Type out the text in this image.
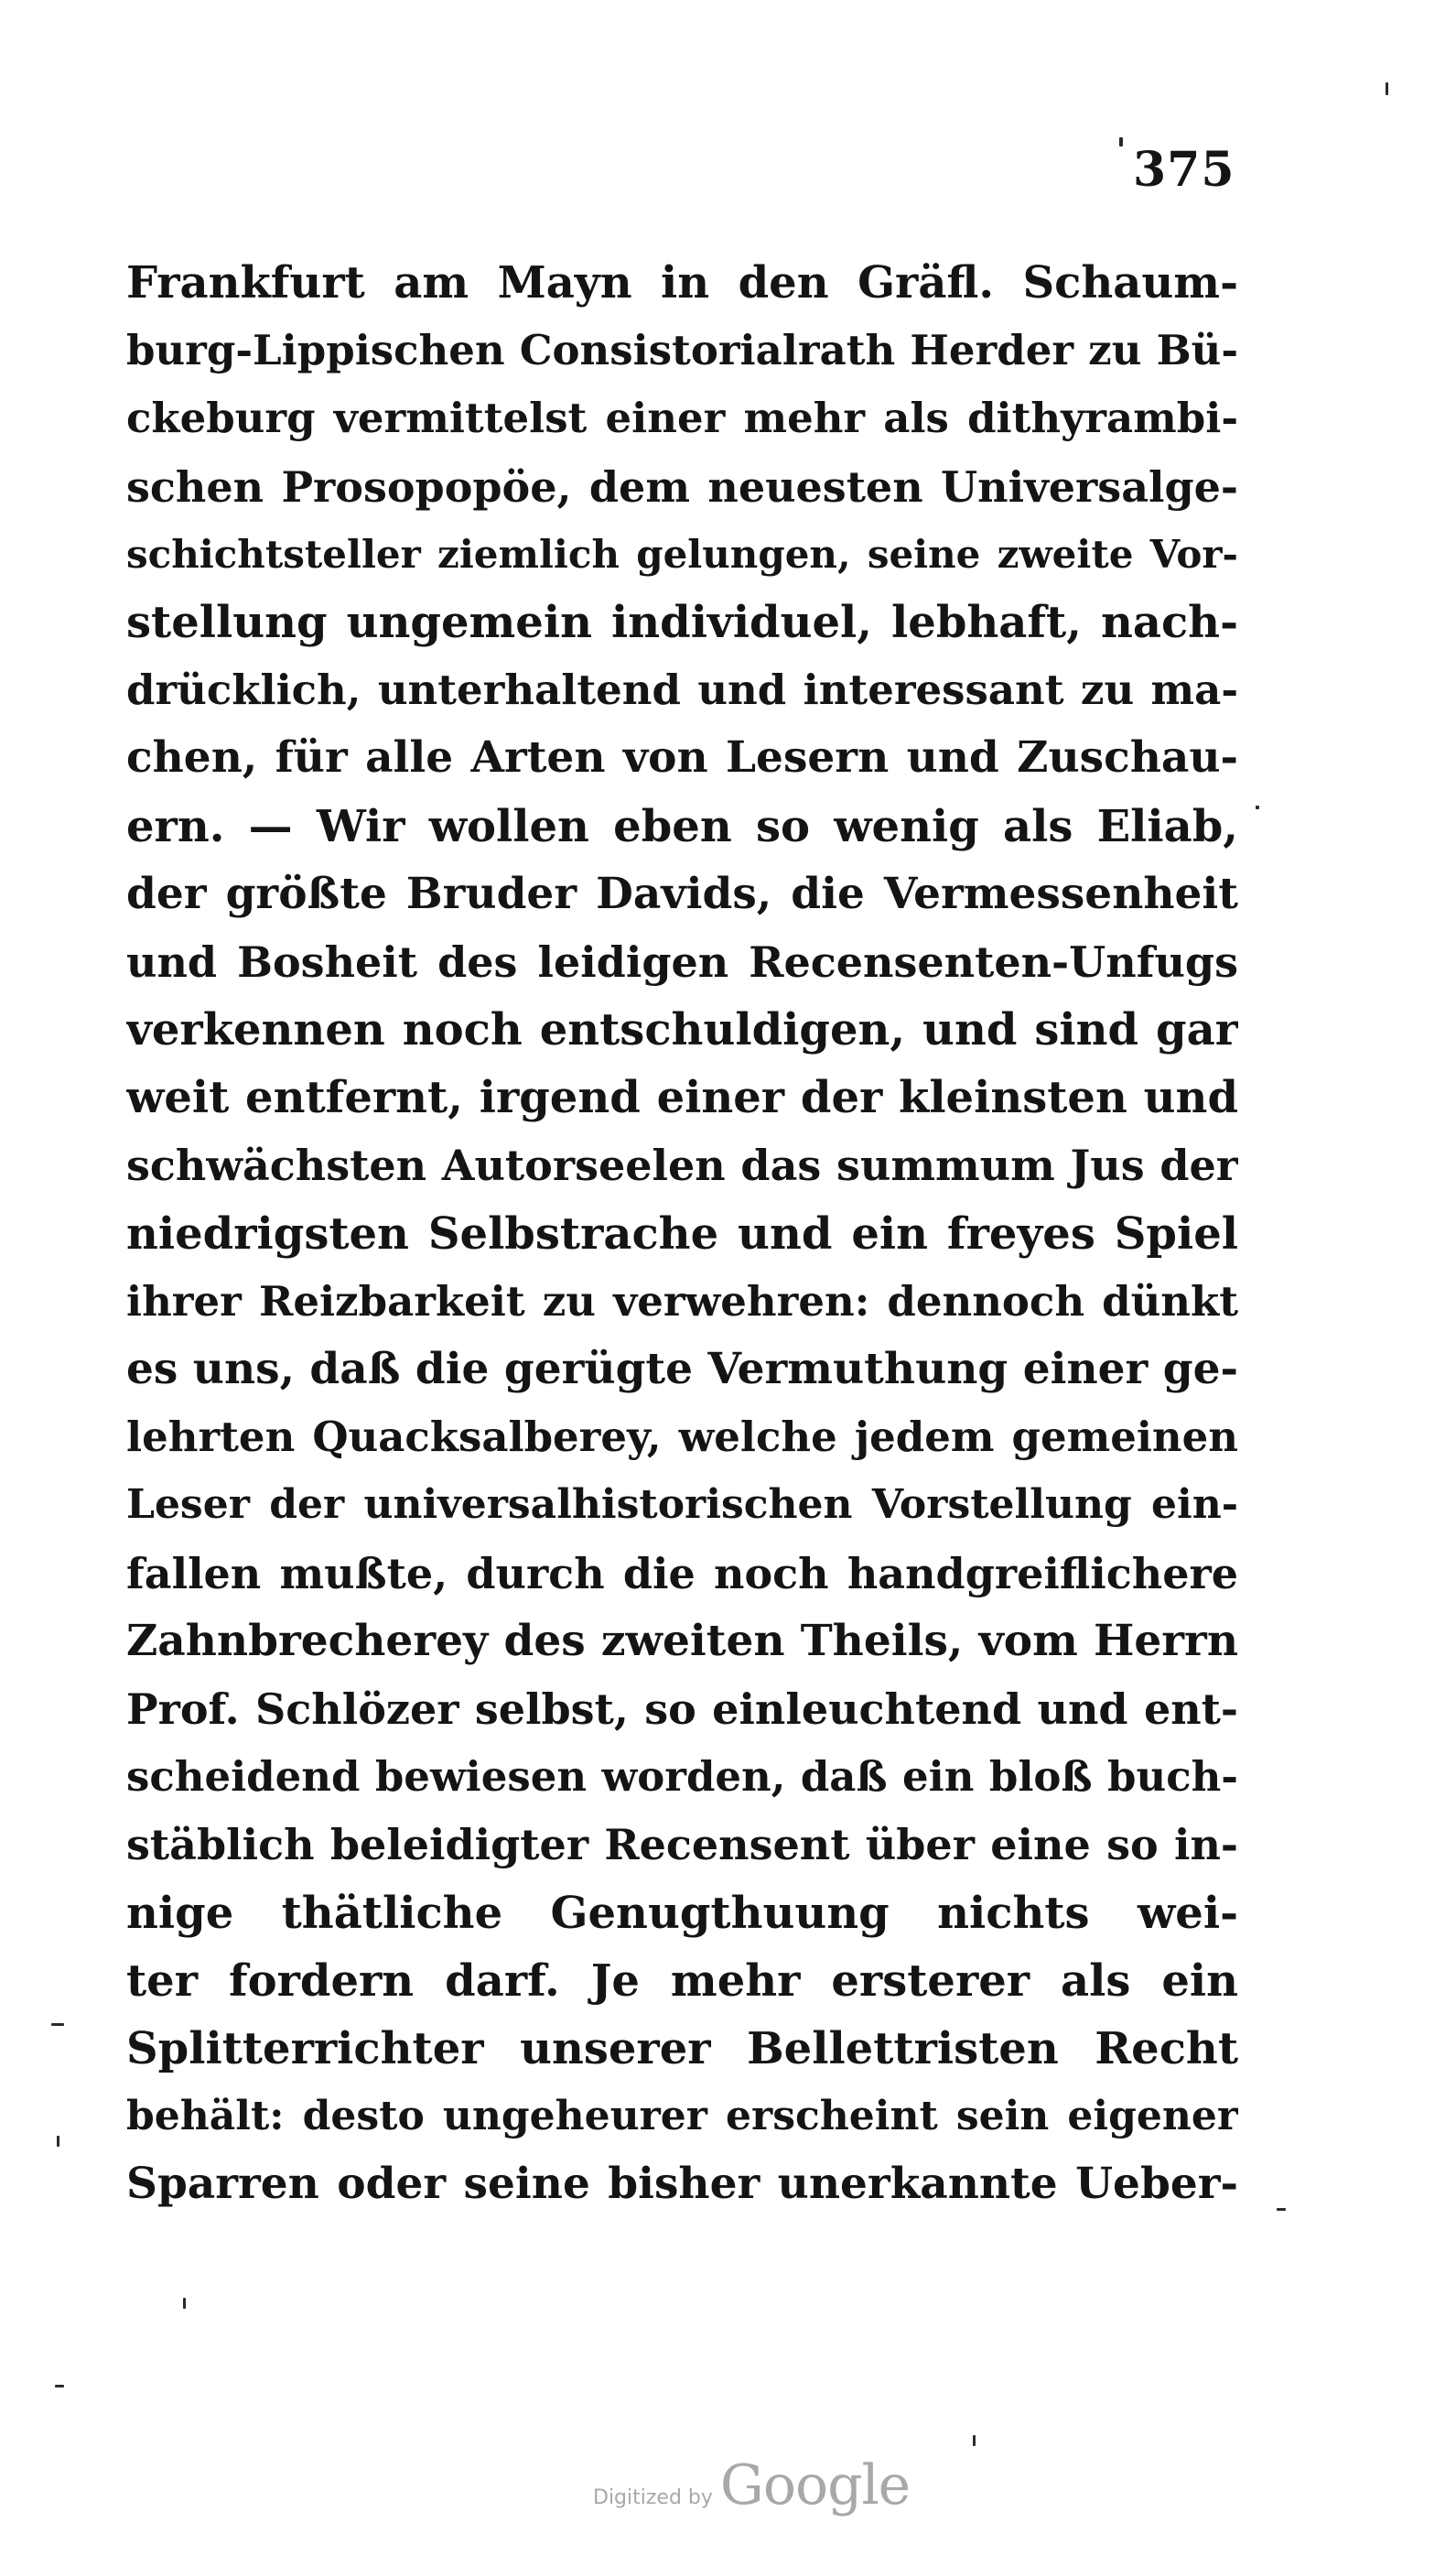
375
Frankfurt am Mayn in den Gräfl. Schaum-
burg-Lippischen Consistorialrath Herder zu Bü-
ckeburg vermittelst einer mehr als dithyrambi-
schen Prosopopöe, dem neuesten Universalge-
schichtsteller ziemlich gelungen, seine zweite Vor-
stellung ungemein individuel, lebhaft, nach-
drücklich, unterhaltend und interessant zu ma-
chen, für alle Arten von Lesern und Zuschau-
ern. — Wir wollen eben so wenig als Eliab,
der größte Bruder Davids, die Vermessenheit
und Bosheit des leidigen Recensenten-Unfugs
verkennen noch entschuldigen, und sind gar
weit entfernt, irgend einer der kleinsten und
schwächsten Autorseelen das summum Jus der
niedrigsten Selbstrache und ein freyes Spiel
ihrer Reizbarkeit zu verwehren: dennoch dünkt
es uns, daß die gerügte Vermuthung einer ge-
lehrten Quacksalberey, welche jedem gemeinen
Leser der universalhistorischen Vorstellung ein-
fallen mußte, durch die noch handgreiflichere
Zahnbrecherey des zweiten Theils, vom Herrn
Prof. Schlözer selbst, so einleuchtend und ent-
scheidend bewiesen worden, daß ein bloß buch-
stäblich beleidigter Recensent über eine so in-
nige thätliche Genugthuung nichts wei-
ter fordern darf. Je mehr ersterer als ein
Splitterrichter unserer Bellettristen Recht
behält: desto ungeheurer erscheint sein eigener
Sparren oder seine bisher unerkannte Ueber-
Digitized by Google
